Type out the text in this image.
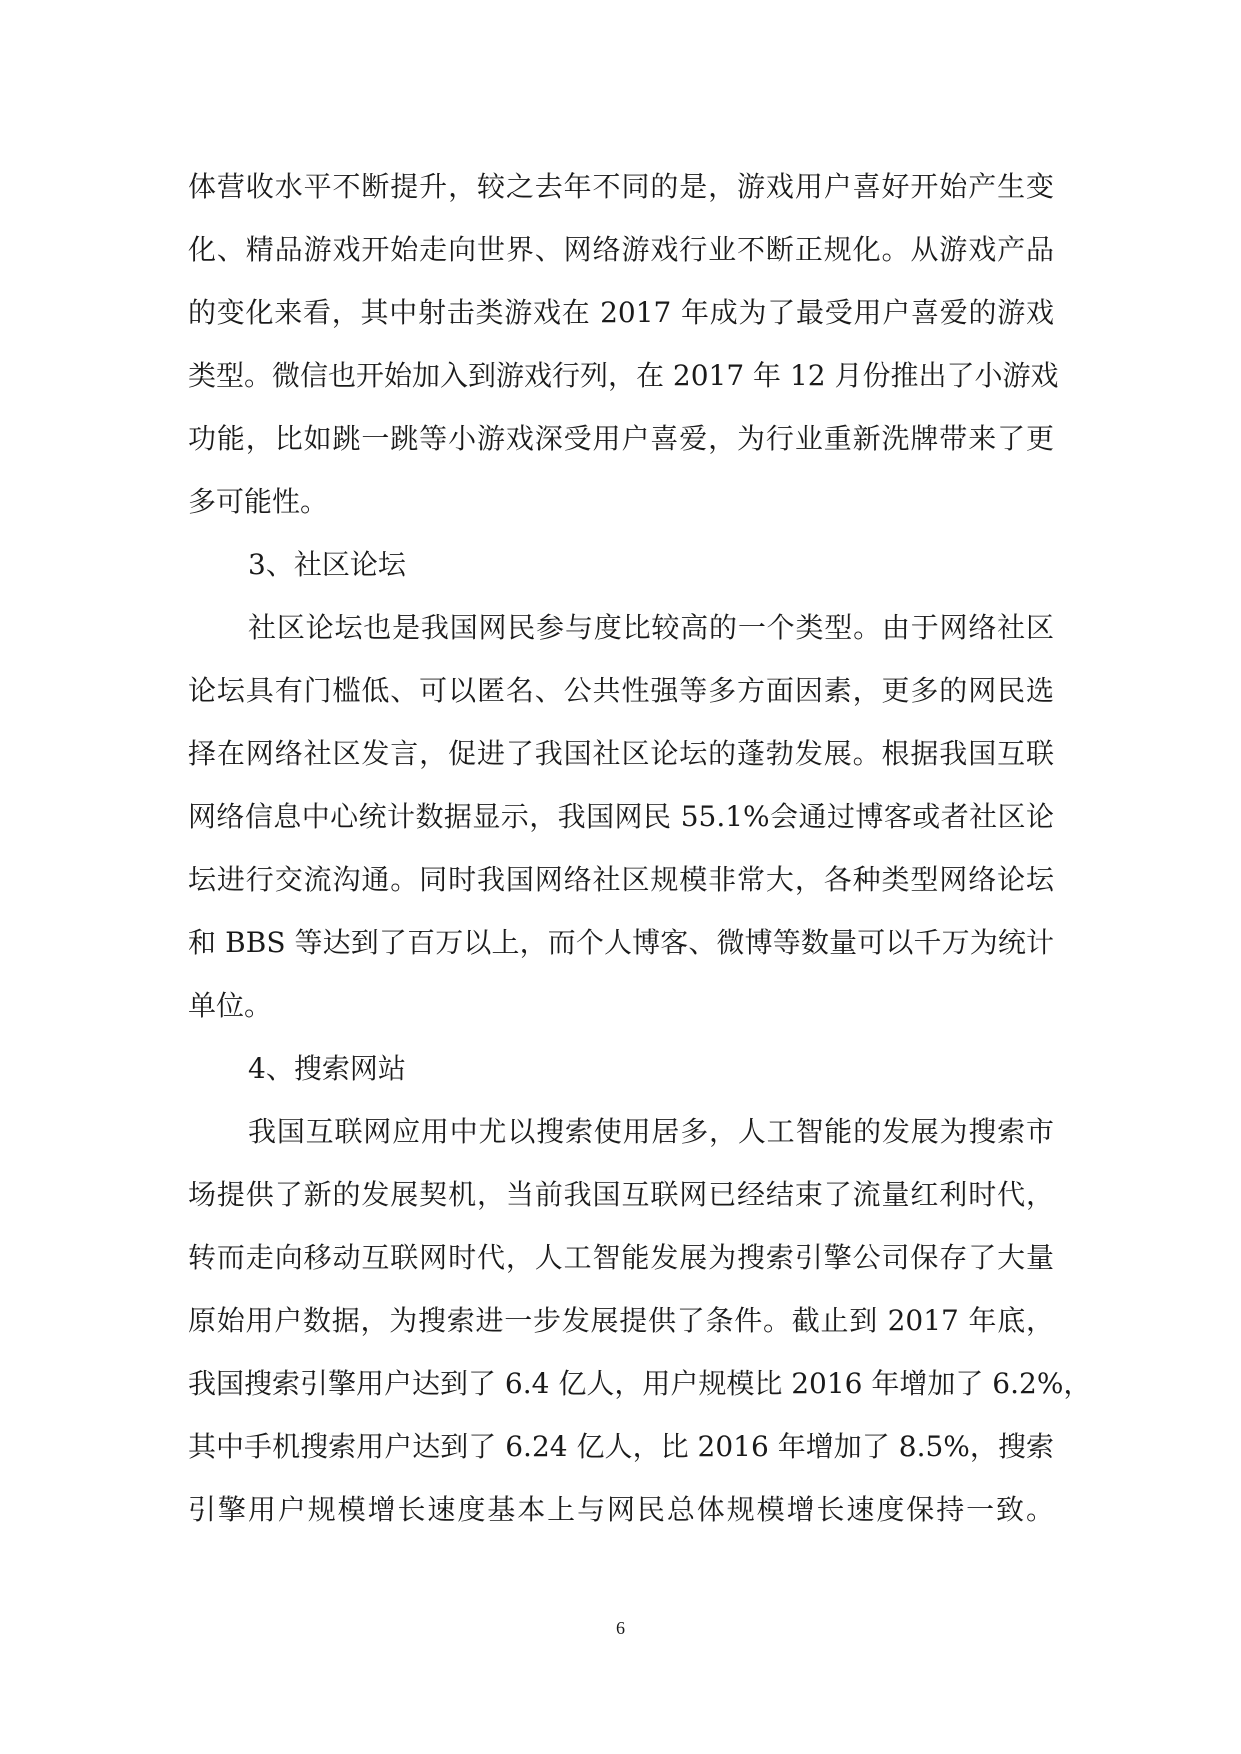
体营收水平不断提升，较之去年不同的是，游戏用户喜好开始产生变
化、精品游戏开始走向世界、网络游戏行业不断正规化。从游戏产品
的变化来看，其中射击类游戏在 2017 年成为了最受用户喜爱的游戏
类型。微信也开始加入到游戏行列，在 2017 年 12 月份推出了小游戏
功能，比如跳一跳等小游戏深受用户喜爱，为行业重新洗牌带来了更
多可能性。
3、社区论坛
社区论坛也是我国网民参与度比较高的一个类型。由于网络社区
论坛具有门槛低、可以匿名、公共性强等多方面因素，更多的网民选
择在网络社区发言，促进了我国社区论坛的蓬勃发展。根据我国互联
网络信息中心统计数据显示，我国网民 55.1%会通过博客或者社区论
坛进行交流沟通。同时我国网络社区规模非常大，各种类型网络论坛
和 BBS 等达到了百万以上，而个人博客、微博等数量可以千万为统计
单位。
4、搜索网站
我国互联网应用中尤以搜索使用居多，人工智能的发展为搜索市
场提供了新的发展契机，当前我国互联网已经结束了流量红利时代，
转而走向移动互联网时代，人工智能发展为搜索引擎公司保存了大量
原始用户数据，为搜索进一步发展提供了条件。截止到 2017 年底，
我国搜索引擎用户达到了 6.4 亿人，用户规模比 2016 年增加了 6.2%，
其中手机搜索用户达到了 6.24 亿人，比 2016 年增加了 8.5%，搜索
引擎用户规模增长速度基本上与网民总体规模增长速度保持一致。
6
